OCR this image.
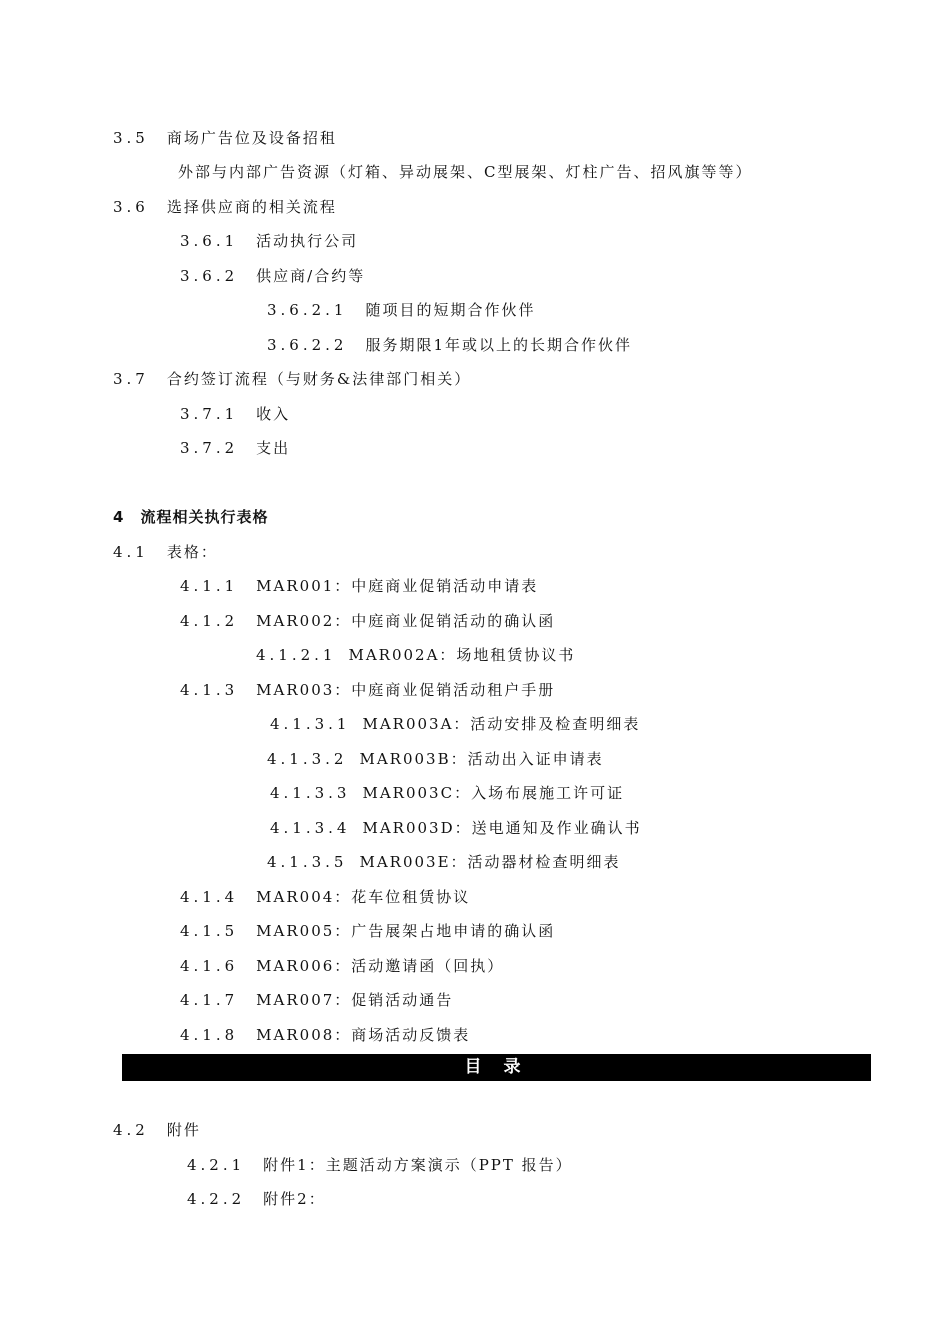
3.5 商场广告位及设备招租
外部与内部广告资源（灯箱、异动展架、C型展架、灯柱广告、招风旗等等）
3.6 选择供应商的相关流程
3.6.1 活动执行公司
3.6.2 供应商/合约等
3.6.2.1 随项目的短期合作伙伴
3.6.2.2 服务期限1年或以上的长期合作伙伴
3.7 合约签订流程（与财务&法律部门相关）
3.7.1 收入
3.7.2 支出
4 流程相关执行表格
4.1 表格：
4.1.1 MAR001：中庭商业促销活动申请表
4.1.2 MAR002：中庭商业促销活动的确认函
4.1.2.1 MAR002A：场地租赁协议书
4.1.3 MAR003：中庭商业促销活动租户手册
4.1.3.1 MAR003A：活动安排及检查明细表
4.1.3.2 MAR003B：活动出入证申请表
4.1.3.3 MAR003C：入场布展施工许可证
4.1.3.4 MAR003D：送电通知及作业确认书
4.1.3.5 MAR003E：活动器材检查明细表
4.1.4 MAR004：花车位租赁协议
4.1.5 MAR005：广告展架占地申请的确认函
4.1.6 MAR006：活动邀请函（回执）
4.1.7 MAR007：促销活动通告
4.1.8 MAR008：商场活动反馈表
目 录
4.2 附件
4.2.1 附件1：主题活动方案演示（PPT 报告）
4.2.2 附件2：
